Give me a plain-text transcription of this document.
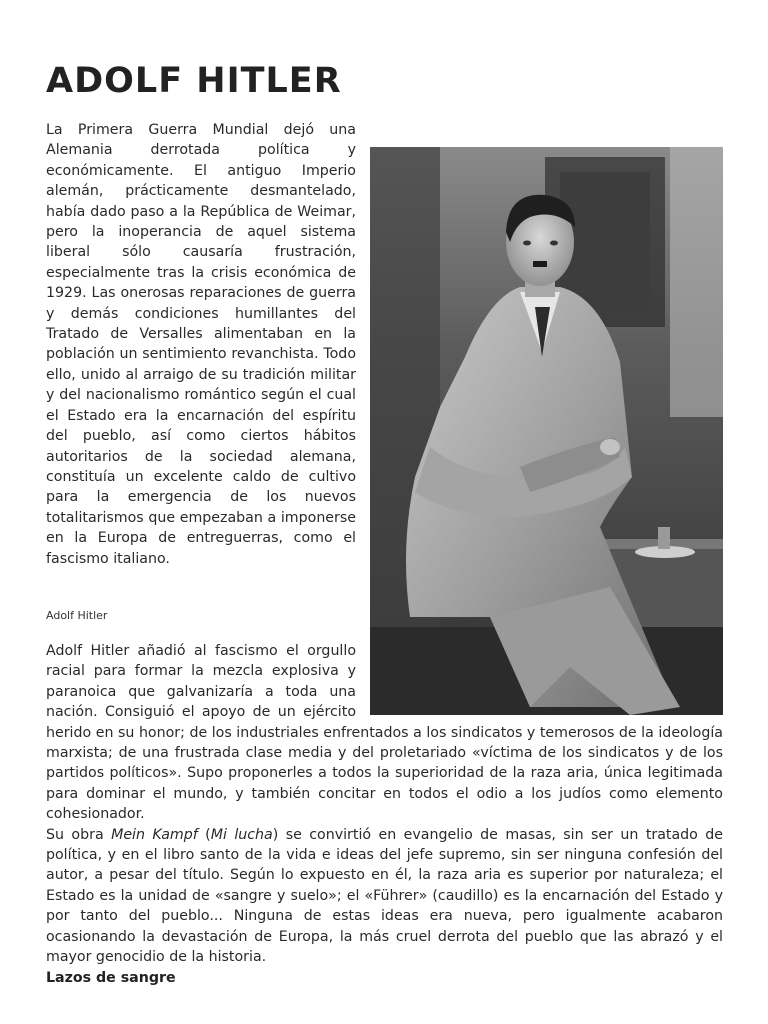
ADOLF HITLER

La Primera Guerra Mundial dejó una Alemania derrotada política y económicamente. El antiguo Imperio alemán, prácticamente desmantelado, había dado paso a la República de Weimar, pero la inoperancia de aquel sistema liberal sólo causaría frustración, especialmente tras la crisis económica de 1929. Las onerosas reparaciones de guerra y demás condiciones humillantes del Tratado de Versalles alimentaban en la población un sentimiento revanchista. Todo ello, unido al arraigo de su tradición militar y del nacionalismo romántico según el cual el Estado era la encarnación del espíritu del pueblo, así como ciertos hábitos autoritarios de la sociedad alemana, constituía un excelente caldo de cultivo para la emergencia de los nuevos totalitarismos que empezaban a imponerse en la Europa de entreguerras, como el fascismo italiano.

Adolf Hitler

Adolf Hitler añadió al fascismo el orgullo racial para formar la mezcla explosiva y paranoica que galvanizaría a toda una nación. Consiguió el apoyo de un ejército herido en su honor; de los industriales enfrentados a los sindicatos y temerosos de la ideología marxista; de una frustrada clase media y del proletariado «víctima de los sindicatos y de los partidos políticos». Supo proponerles a todos la superioridad de la raza aria, única legitimada para dominar el mundo, y también concitar en todos el odio a los judíos como elemento cohesionador.

Su obra Mein Kampf (Mi lucha) se convirtió en evangelio de masas, sin ser un tratado de política, y en el libro santo de la vida e ideas del jefe supremo, sin ser ninguna confesión del autor, a pesar del título. Según lo expuesto en él, la raza aria es superior por naturaleza; el Estado es la unidad de «sangre y suelo»; el «Führer» (caudillo) es la encarnación del Estado y por tanto del pueblo... Ninguna de estas ideas era nueva, pero igualmente acabaron ocasionando la devastación de Europa, la más cruel derrota del pueblo que las abrazó y el mayor genocidio de la historia.

Lazos de sangre
